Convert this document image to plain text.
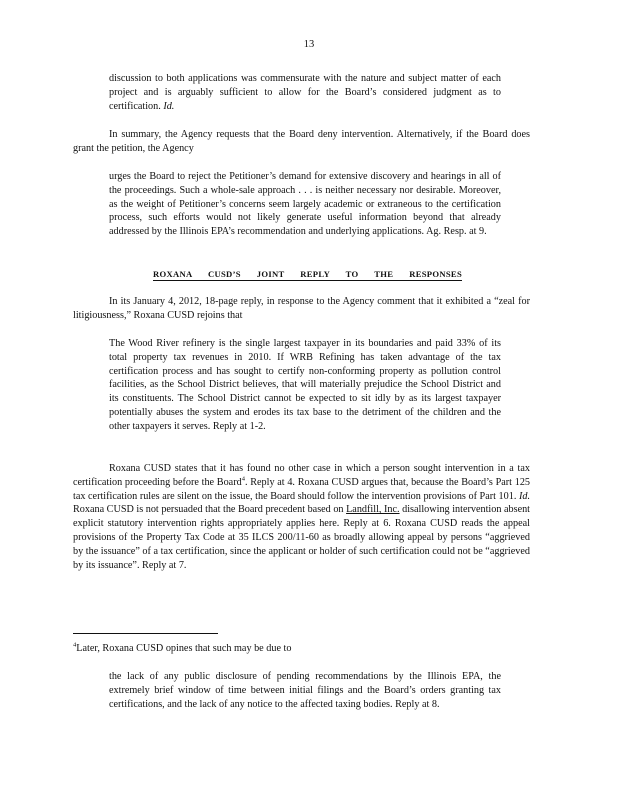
13

discussion to both applications was commensurate with the nature and subject matter of each project and is arguably sufficient to allow for the Board’s considered judgment as to certification. Id.

In summary, the Agency requests that the Board deny intervention. Alternatively, if the Board does grant the petition, the Agency

urges the Board to reject the Petitioner’s demand for extensive discovery and hearings in all of the proceedings. Such a whole-sale approach . . . is neither necessary nor desirable. Moreover, as the weight of Petitioner’s concerns seem largely academic or extraneous to the certification process, such efforts would not likely generate useful information beyond that already addressed by the Illinois EPA’s recommendation and underlying applications. Ag. Resp. at 9.

ROXANA CUSD’S JOINT REPLY TO THE RESPONSES

In its January 4, 2012, 18-page reply, in response to the Agency comment that it exhibited a “zeal for litigiousness,” Roxana CUSD rejoins that

The Wood River refinery is the single largest taxpayer in its boundaries and paid 33% of its total property tax revenues in 2010. If WRB Refining has taken advantage of the tax certification process and has sought to certify non-conforming property as pollution control facilities, as the School District believes, that will materially prejudice the School District and its constituents. The School District cannot be expected to sit idly by as its largest taxpayer potentially abuses the system and erodes its tax base to the detriment of the children and the other taxpayers it serves. Reply at 1-2.

Roxana CUSD states that it has found no other case in which a person sought intervention in a tax certification proceeding before the Board$^4$. Reply at 4. Roxana CUSD argues that, because the Board’s Part 125 tax certification rules are silent on the issue, the Board should follow the intervention provisions of Part 101. Id. Roxana CUSD is not persuaded that the Board precedent based on Landfill, Inc. disallowing intervention absent explicit statutory intervention rights appropriately applies here. Reply at 6. Roxana CUSD reads the appeal provisions of the Property Tax Code at 35 ILCS 200/11-60 as broadly allowing appeal by persons “aggrieved by the issuance” of a tax certification, since the applicant or holder of such certification could not be “aggrieved by its issuance”. Reply at 7.

$^4$Later, Roxana CUSD opines that such may be due to

the lack of any public disclosure of pending recommendations by the Illinois EPA, the extremely brief window of time between initial filings and the Board’s orders granting tax certifications, and the lack of any notice to the affected taxing bodies. Reply at 8.
